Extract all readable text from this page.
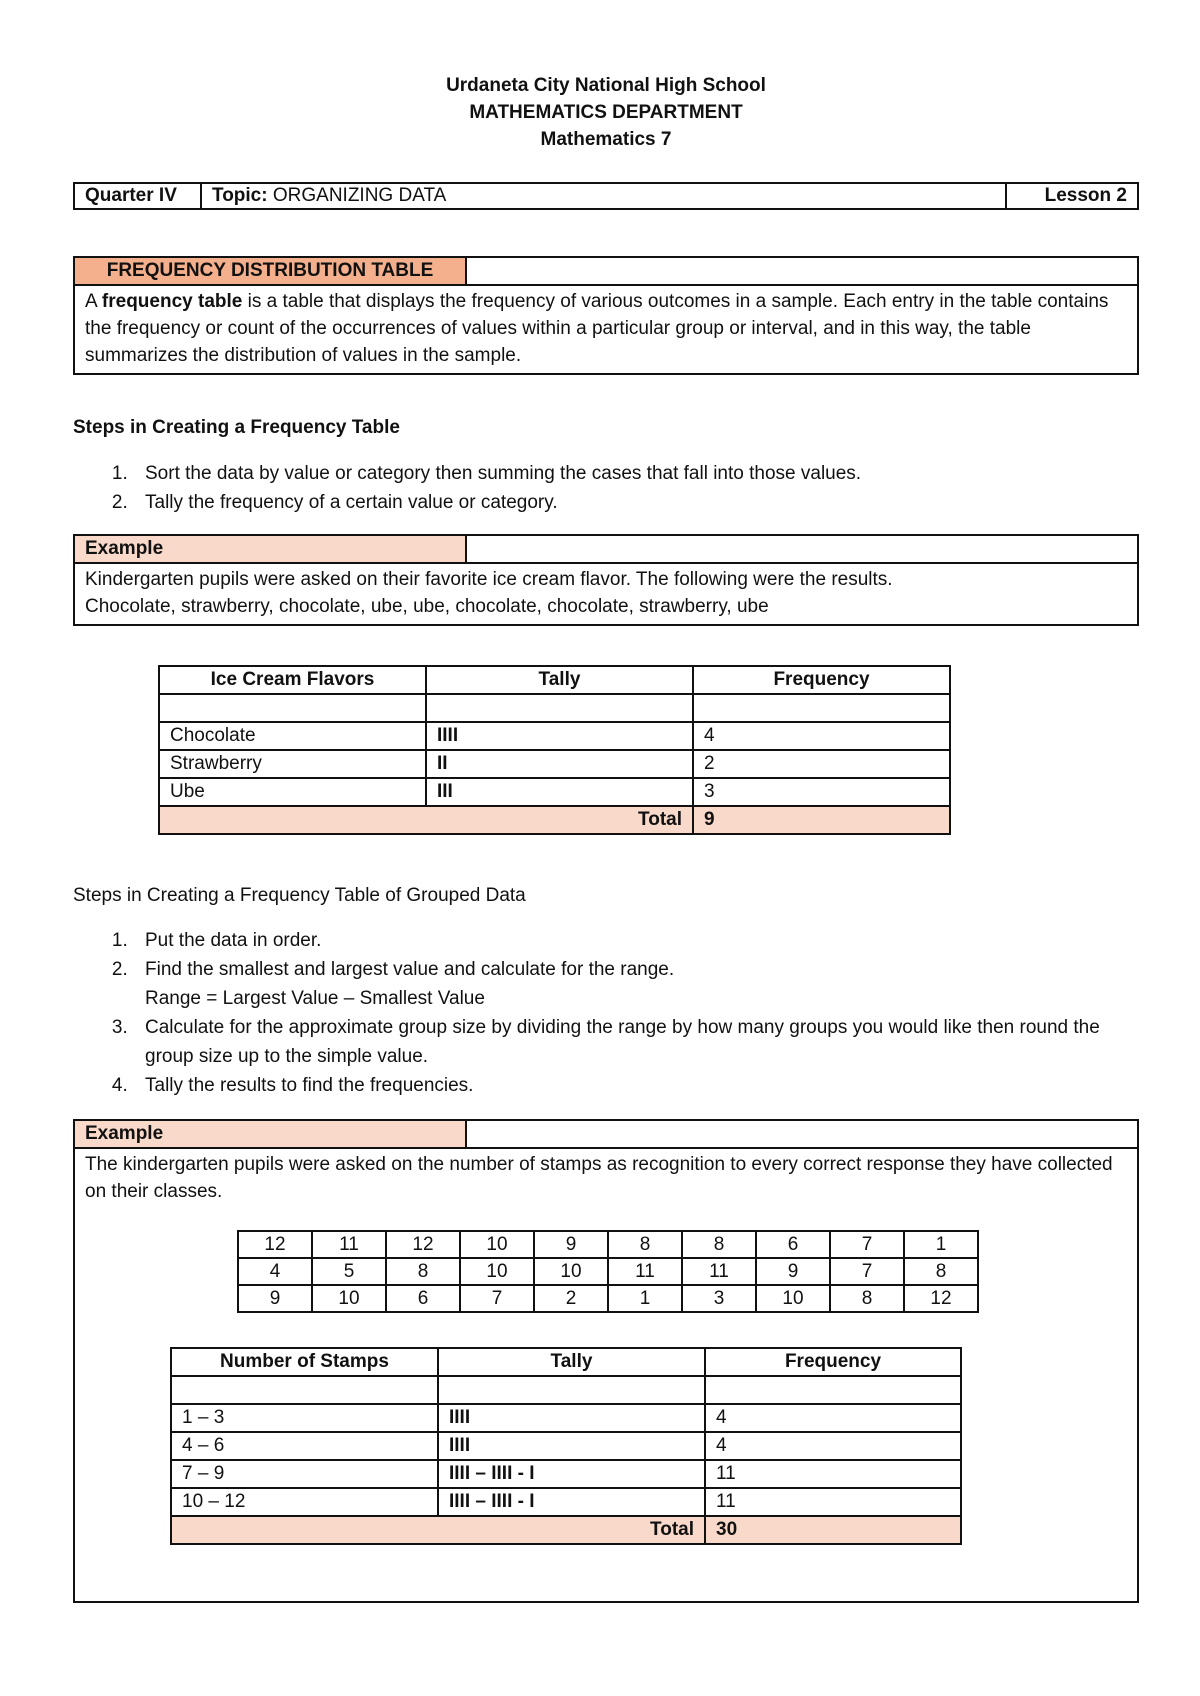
Urdaneta City National High School
MATHEMATICS DEPARTMENT
Mathematics 7
Quarter IV	Topic: ORGANIZING DATA	Lesson 2
FREQUENCY DISTRIBUTION TABLE	
A frequency table is a table that displays the frequency of various outcomes in a sample. Each entry in the table contains the frequency or count of the occurrences of values within a particular group or interval, and in this way, the table summarizes the distribution of values in the sample.
Steps in Creating a Frequency Table
1. Sort the data by value or category then summing the cases that fall into those values.
2. Tally the frequency of a certain value or category.
Example	
Kindergarten pupils were asked on their favorite ice cream flavor. The following were the results.
Chocolate, strawberry, chocolate, ube, ube, chocolate, chocolate, strawberry, ube
Ice Cream Flavors	Tally	Frequency

Chocolate	IIII	4
Strawberry	II	2
Ube	III	3
Total		9
Steps in Creating a Frequency Table of Grouped Data
1. Put the data in order.
2. Find the smallest and largest value and calculate for the range.
Range = Largest Value – Smallest Value
3. Calculate for the approximate group size by dividing the range by how many groups you would like then round the group size up to the simple value.
4. Tally the results to find the frequencies.
Example	
The kindergarten pupils were asked on the number of stamps as recognition to every correct response they have collected on their classes.
12	11	12	10	9	8	8	6	7	1
4	5	8	10	10	11	11	9	7	8
9	10	6	7	2	1	3	10	8	12
Number of Stamps	Tally	Frequency

1 – 3	IIII	4
4 – 6	IIII	4
7 – 9	IIII – IIII - I	11
10 – 12	IIII – IIII - I	11
Total		30
